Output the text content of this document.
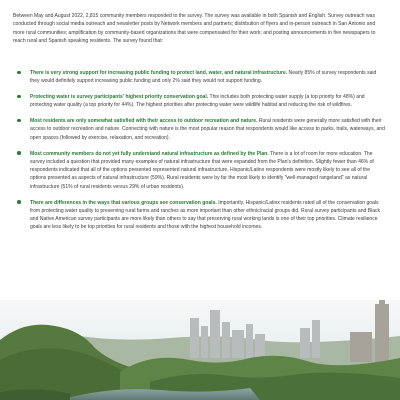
Between May and August 2022, 2,815 community members responded to the survey. The survey was available in both Spanish and English. Survey outreach was conducted through social media outreach and newsletter posts by Network members and partners; distribution of flyers and in-person outreach in San Antonio and more rural communities; amplification by community-based organizations that were compensated for their work; and posting announcements in five newspapers to reach rural and Spanish speaking residents. The survey found that:

There is very strong support for increasing public funding to protect land, water, and natural infrastructure. Nearly 85% of survey respondents said they would definitely support increasing public funding and only 2% said they would not support funding.
Protecting water is survey participants' highest priority conservation goal. This includes both protecting water supply (a top priority for 48%) and protecting water quality (a top priority for 44%). The highest priorities after protecting water were wildlife habitat and reducing the risk of wildfires.
Most residents are only somewhat satisfied with their access to outdoor recreation and nature. Rural residents were generally more satisfied with their access to outdoor recreation and nature. Connecting with nature is the most popular reason that respondents would like access to parks, trails, waterways, and open spaces (followed by exercise, relaxation, and recreation).
Most community members do not yet fully understand natural infrastructure as defined by the Plan. There is a lot of room for more education. The survey included a question that provided many examples of natural infrastructure that were expanded from the Plan's definition. Slightly fewer than 46% of respondents indicated that all of the options presented represented natural infrastructure. Hispanic/Latinx respondents were mostly likely to see all of the options presented as aspects of natural infrastructure (59%). Rural residents were by far the most likely to identify "well-managed rangeland" as natural infrastructure (51% of rural residents versus 29% of urban residents).
There are differences in the ways that various groups see conservation goals. Importantly, Hispanic/Latinx residents rated all of the conservation goals from protecting water quality to preserving rural farms and ranches as more important than other ethnic/racial groups did. Rural survey participants and Black and Native American survey participants are more likely than others to say that preserving rural working lands is one of their top priorities. Climate resilience goals are less likely to be top priorities for rural residents and those with the highest household incomes.
